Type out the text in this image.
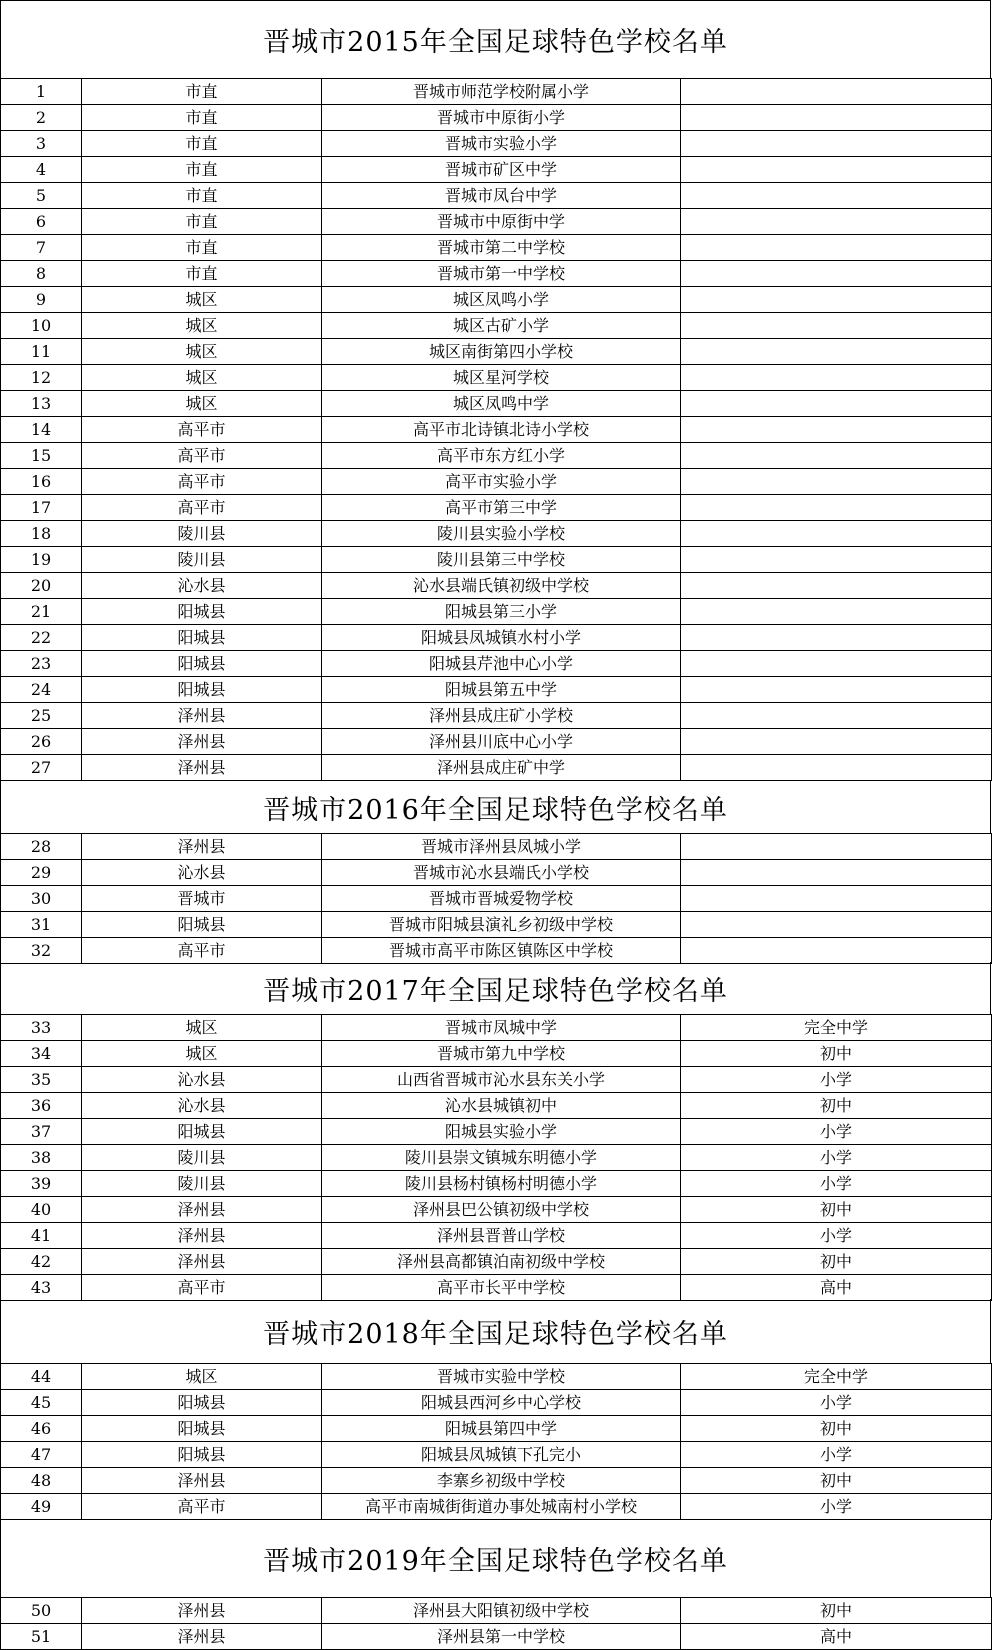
晋城市2015年全国足球特色学校名单
1	市直	晋城市师范学校附属小学	
2	市直	晋城市中原街小学	
3	市直	晋城市实验小学	
4	市直	晋城市矿区中学	
5	市直	晋城市凤台中学	
6	市直	晋城市中原街中学	
7	市直	晋城市第二中学校	
8	市直	晋城市第一中学校	
9	城区	城区凤鸣小学	
10	城区	城区古矿小学	
11	城区	城区南街第四小学校	
12	城区	城区星河学校	
13	城区	城区凤鸣中学	
14	高平市	高平市北诗镇北诗小学校	
15	高平市	高平市东方红小学	
16	高平市	高平市实验小学	
17	高平市	高平市第三中学	
18	陵川县	陵川县实验小学校	
19	陵川县	陵川县第三中学校	
20	沁水县	沁水县端氏镇初级中学校	
21	阳城县	阳城县第三小学	
22	阳城县	阳城县凤城镇水村小学	
23	阳城县	阳城县芹池中心小学	
24	阳城县	阳城县第五中学	
25	泽州县	泽州县成庄矿小学校	
26	泽州县	泽州县川底中心小学	
27	泽州县	泽州县成庄矿中学	
晋城市2016年全国足球特色学校名单
28	泽州县	晋城市泽州县凤城小学	
29	沁水县	晋城市沁水县端氏小学校	
30	晋城市	晋城市晋城爱物学校	
31	阳城县	晋城市阳城县演礼乡初级中学校	
32	高平市	晋城市高平市陈区镇陈区中学校	
晋城市2017年全国足球特色学校名单
33	城区	晋城市凤城中学	完全中学
34	城区	晋城市第九中学校	初中
35	沁水县	山西省晋城市沁水县东关小学	小学
36	沁水县	沁水县城镇初中	初中
37	阳城县	阳城县实验小学	小学
38	陵川县	陵川县崇文镇城东明德小学	小学
39	陵川县	陵川县杨村镇杨村明德小学	小学
40	泽州县	泽州县巴公镇初级中学校	初中
41	泽州县	泽州县晋普山学校	小学
42	泽州县	泽州县高都镇泊南初级中学校	初中
43	高平市	高平市长平中学校	高中
晋城市2018年全国足球特色学校名单
44	城区	晋城市实验中学校	完全中学
45	阳城县	阳城县西河乡中心学校	小学
46	阳城县	阳城县第四中学	初中
47	阳城县	阳城县凤城镇下孔完小	小学
48	泽州县	李寨乡初级中学校	初中
49	高平市	高平市南城街街道办事处城南村小学校	小学
晋城市2019年全国足球特色学校名单
50	泽州县	泽州县大阳镇初级中学校	初中
51	泽州县	泽州县第一中学校	高中
